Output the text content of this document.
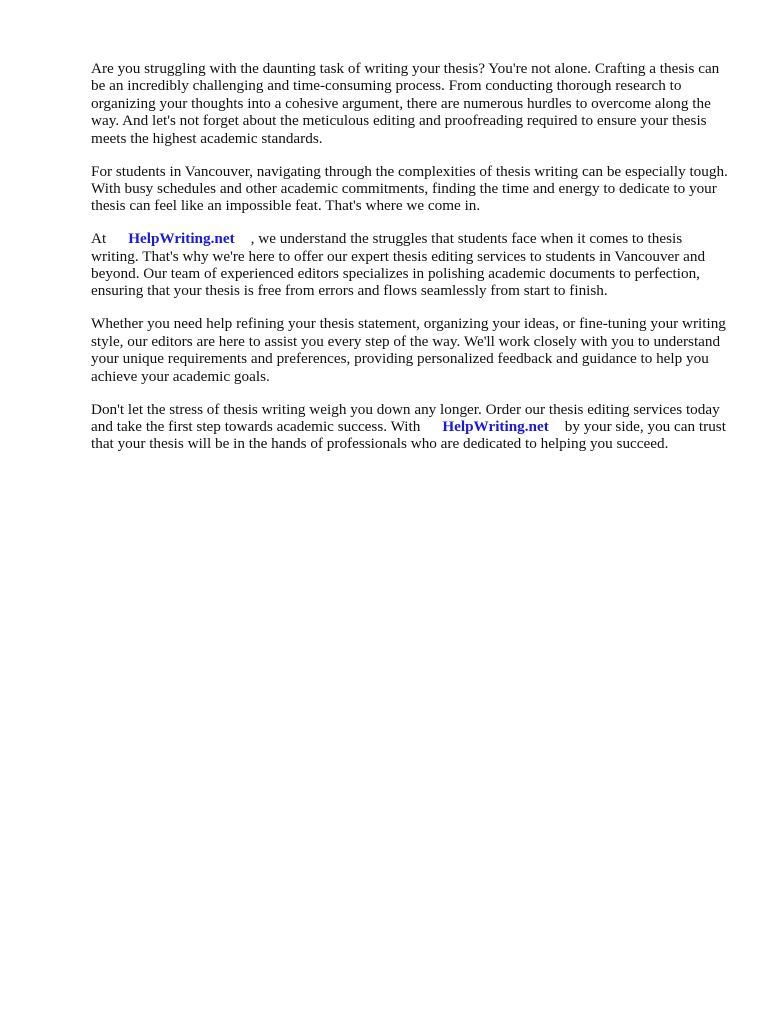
Are you struggling with the daunting task of writing your thesis? You're not alone. Crafting a thesis can be an incredibly challenging and time-consuming process. From conducting thorough research to organizing your thoughts into a cohesive argument, there are numerous hurdles to overcome along the way. And let's not forget about the meticulous editing and proofreading required to ensure your thesis meets the highest academic standards.

For students in Vancouver, navigating through the complexities of thesis writing can be especially tough. With busy schedules and other academic commitments, finding the time and energy to dedicate to your thesis can feel like an impossible feat. That's where we come in.

At HelpWriting.net , we understand the struggles that students face when it comes to thesis writing. That's why we're here to offer our expert thesis editing services to students in Vancouver and beyond. Our team of experienced editors specializes in polishing academic documents to perfection, ensuring that your thesis is free from errors and flows seamlessly from start to finish.

Whether you need help refining your thesis statement, organizing your ideas, or fine-tuning your writing style, our editors are here to assist you every step of the way. We'll work closely with you to understand your unique requirements and preferences, providing personalized feedback and guidance to help you achieve your academic goals.

Don't let the stress of thesis writing weigh you down any longer. Order our thesis editing services today and take the first step towards academic success. With HelpWriting.net by your side, you can trust that your thesis will be in the hands of professionals who are dedicated to helping you succeed.
